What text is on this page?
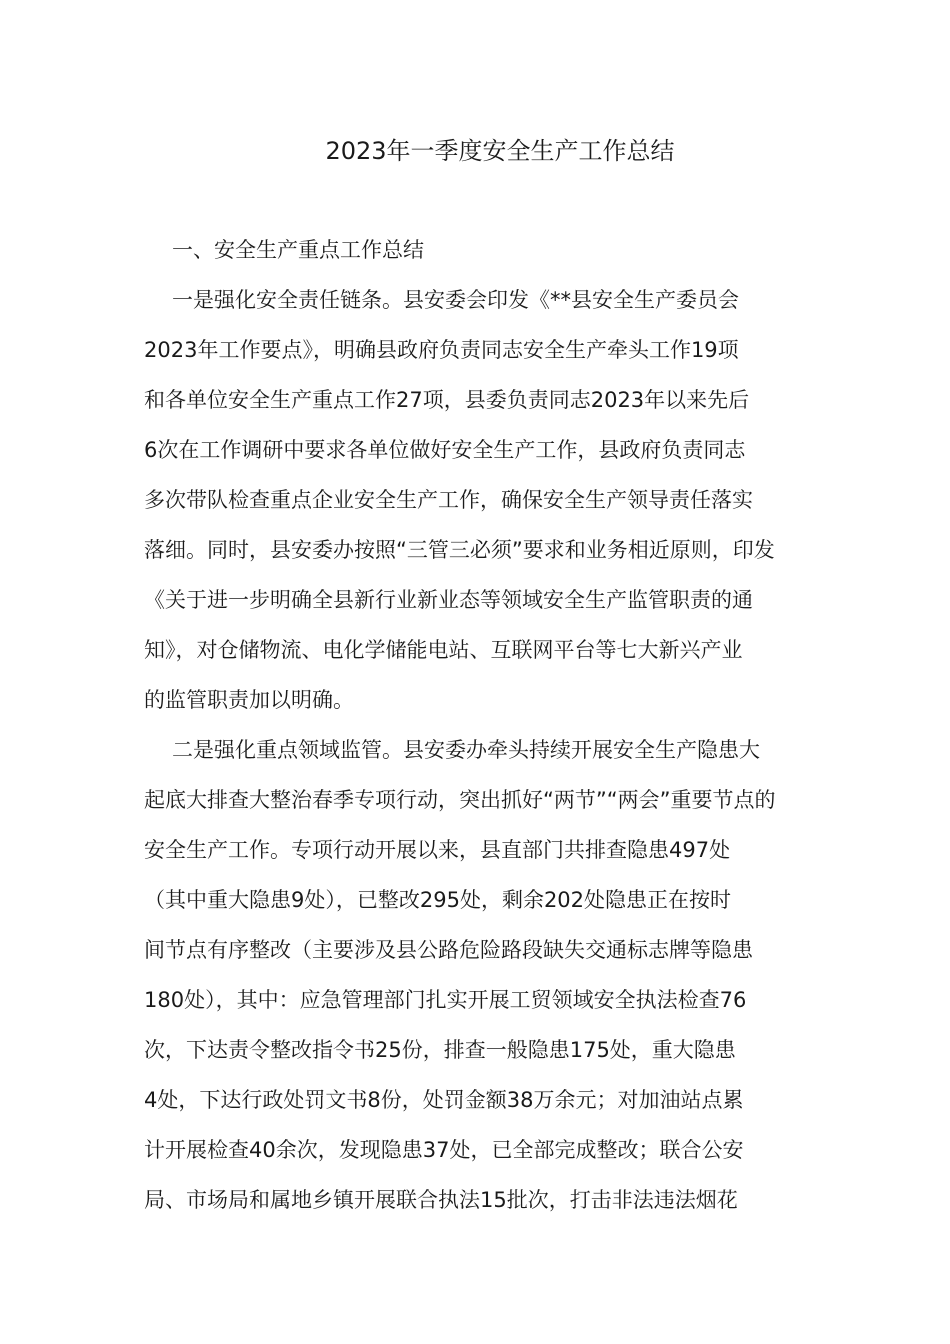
2023年一季度安全生产工作总结
一、安全生产重点工作总结
一是强化安全责任链条。县安委会印发《**县安全生产委员会
2023年工作要点》，明确县政府负责同志安全生产牵头工作19项
和各单位安全生产重点工作27项，县委负责同志2023年以来先后
6次在工作调研中要求各单位做好安全生产工作，县政府负责同志
多次带队检查重点企业安全生产工作，确保安全生产领导责任落实
落细。同时，县安委办按照“三管三必须”要求和业务相近原则，印发
《关于进一步明确全县新行业新业态等领域安全生产监管职责的通
知》，对仓储物流、电化学储能电站、互联网平台等七大新兴产业
的监管职责加以明确。
二是强化重点领域监管。县安委办牵头持续开展安全生产隐患大
起底大排查大整治春季专项行动，突出抓好“两节”“两会”重要节点的
安全生产工作。专项行动开展以来，县直部门共排查隐患497处
（其中重大隐患9处），已整改295处，剩余202处隐患正在按时
间节点有序整改（主要涉及县公路危险路段缺失交通标志牌等隐患
180处），其中：应急管理部门扎实开展工贸领域安全执法检查76
次，下达责令整改指令书25份，排查一般隐患175处，重大隐患
4处，下达行政处罚文书8份，处罚金额38万余元；对加油站点累
计开展检查40余次，发现隐患37处，已全部完成整改；联合公安
局、市场局和属地乡镇开展联合执法15批次，打击非法违法烟花
